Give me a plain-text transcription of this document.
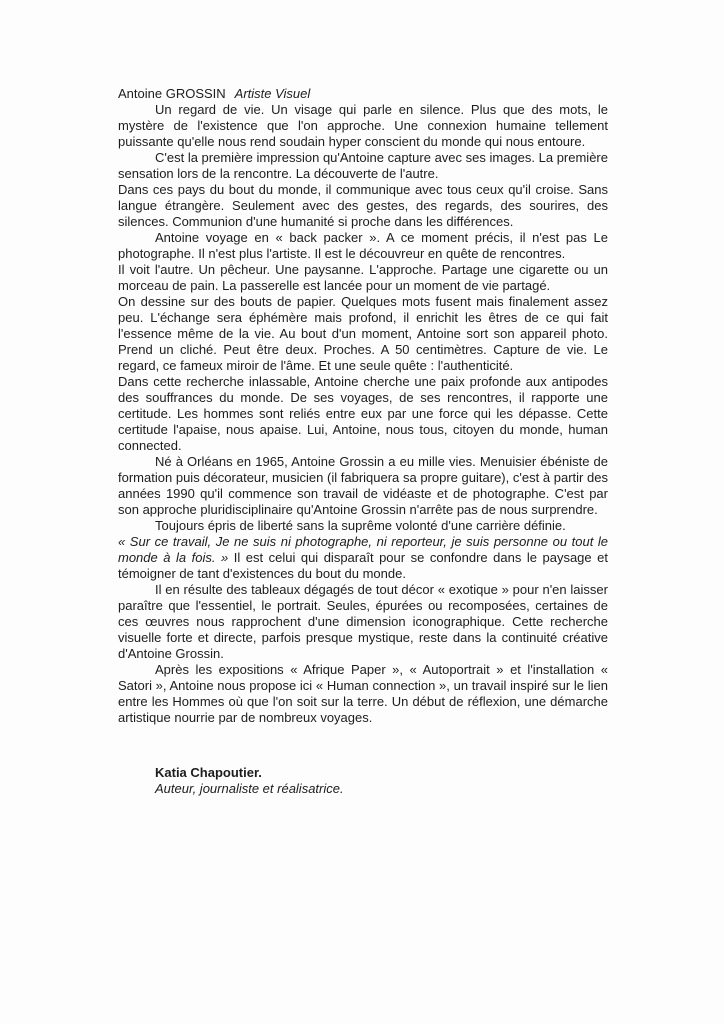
Antoine GROSSIN Artiste Visuel

Un regard de vie. Un visage qui parle en silence. Plus que des mots, le mystère de l'existence que l'on approche. Une connexion humaine tellement puissante qu'elle nous rend soudain hyper conscient du monde qui nous entoure.

C'est la première impression qu'Antoine capture avec ses images. La première sensation lors de la rencontre. La découverte de l'autre.

Dans ces pays du bout du monde, il communique avec tous ceux qu'il croise. Sans langue étrangère. Seulement avec des gestes, des regards, des sourires, des silences. Communion d'une humanité si proche dans les différences.

Antoine voyage en « back packer ». A ce moment précis, il n'est pas Le photographe. Il n'est plus l'artiste. Il est le découvreur en quête de rencontres.

Il voit l'autre. Un pêcheur. Une paysanne. L'approche. Partage une cigarette ou un morceau de pain. La passerelle est lancée pour un moment de vie partagé.

On dessine sur des bouts de papier. Quelques mots fusent mais finalement assez peu. L'échange sera éphémère mais profond, il enrichit les êtres de ce qui fait l'essence même de la vie. Au bout d'un moment, Antoine sort son appareil photo. Prend un cliché. Peut être deux. Proches. A 50 centimètres. Capture de vie. Le regard, ce fameux miroir de l'âme. Et une seule quête : l'authenticité.

Dans cette recherche inlassable, Antoine cherche une paix profonde aux antipodes des souffrances du monde. De ses voyages, de ses rencontres, il rapporte une certitude. Les hommes sont reliés entre eux par une force qui les dépasse. Cette certitude l'apaise, nous apaise. Lui, Antoine, nous tous, citoyen du monde, human connected.

Né à Orléans en 1965, Antoine Grossin a eu mille vies. Menuisier ébéniste de formation puis décorateur, musicien (il fabriquera sa propre guitare), c'est à partir des années 1990 qu'il commence son travail de vidéaste et de photographe. C'est par son approche pluridisciplinaire qu'Antoine Grossin n'arrête pas de nous surprendre.

Toujours épris de liberté sans la suprême volonté d'une carrière définie.

« Sur ce travail, Je ne suis ni photographe, ni reporteur, je suis personne ou tout le monde à la fois. » Il est celui qui disparaît pour se confondre dans le paysage et témoigner de tant d'existences du bout du monde.

Il en résulte des tableaux dégagés de tout décor « exotique » pour n'en laisser paraître que l'essentiel, le portrait. Seules, épurées ou recomposées, certaines de ces œuvres nous rapprochent d'une dimension iconographique. Cette recherche visuelle forte et directe, parfois presque mystique, reste dans la continuité créative d'Antoine Grossin.

Après les expositions « Afrique Paper », « Autoportrait » et l'installation « Satori », Antoine nous propose ici « Human connection », un travail inspiré sur le lien entre les Hommes où que l'on soit sur la terre. Un début de réflexion, une démarche artistique nourrie par de nombreux voyages.

Katia Chapoutier.
Auteur, journaliste et réalisatrice.
